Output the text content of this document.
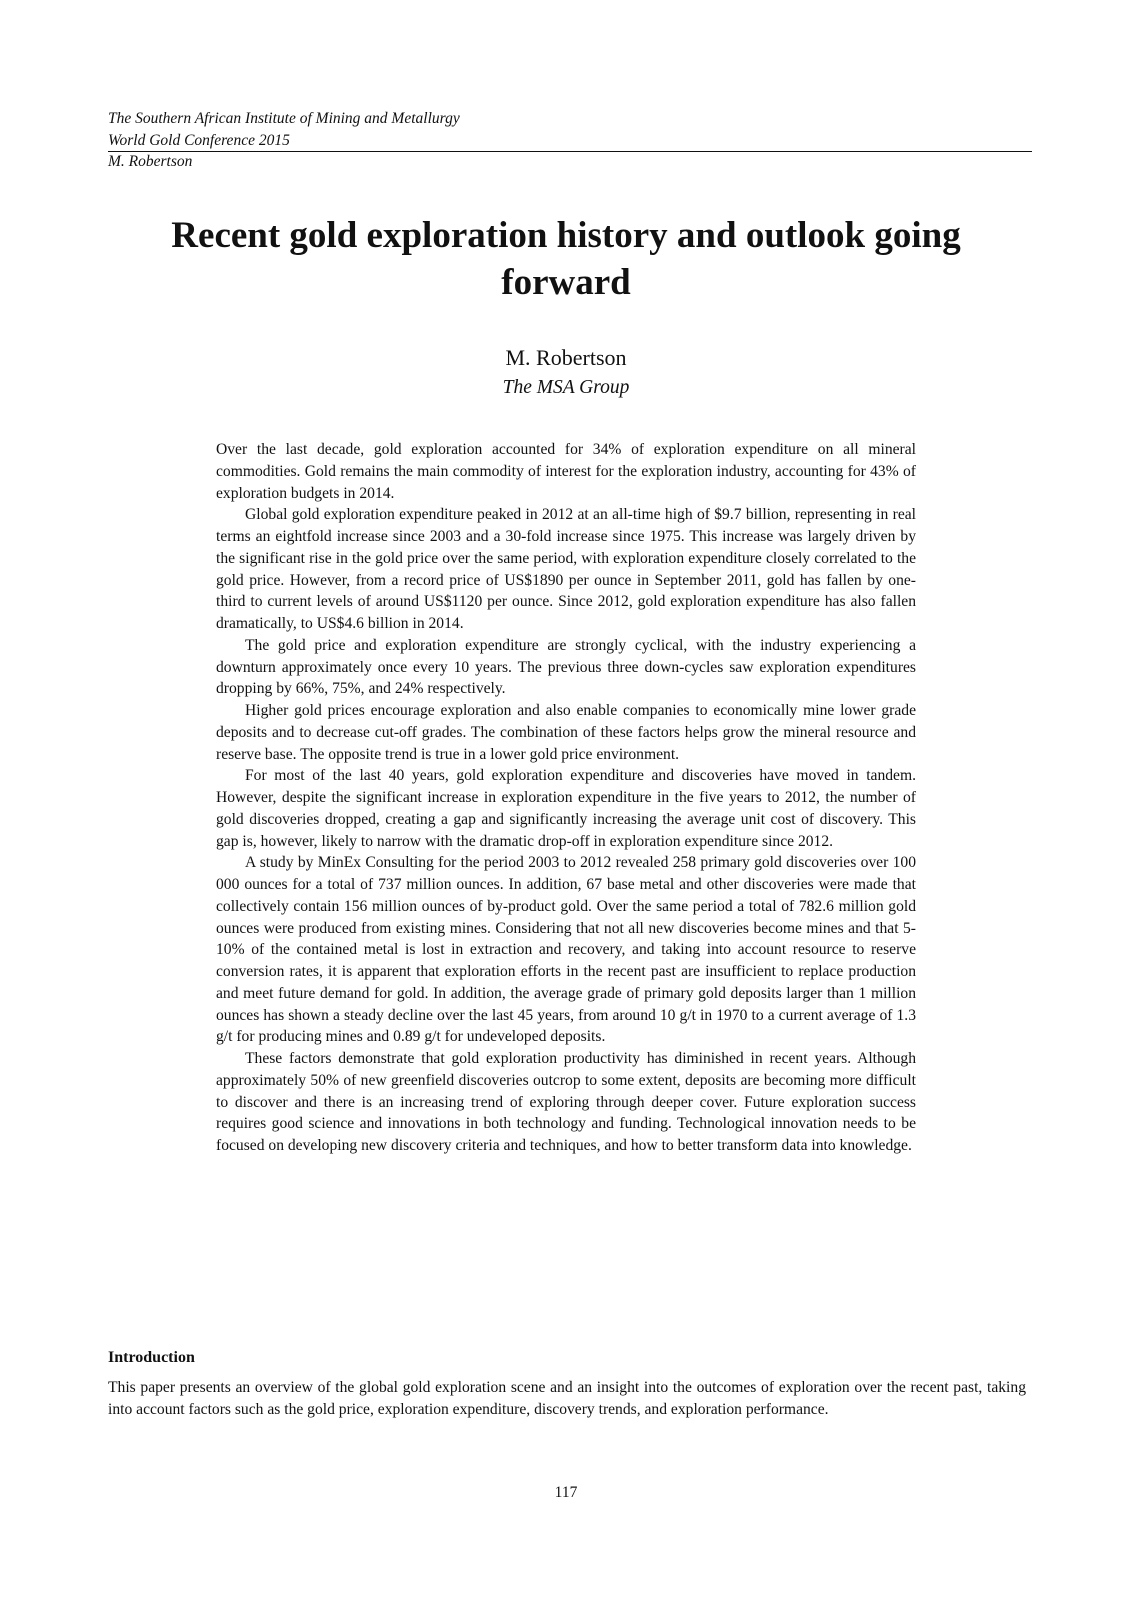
The Southern African Institute of Mining and Metallurgy
World Gold Conference 2015
M. Robertson
Recent gold exploration history and outlook going forward
M. Robertson
The MSA Group

Over the last decade, gold exploration accounted for 34% of exploration expenditure on all mineral commodities. Gold remains the main commodity of interest for the exploration industry, accounting for 43% of exploration budgets in 2014.

Global gold exploration expenditure peaked in 2012 at an all-time high of $9.7 billion, representing in real terms an eightfold increase since 2003 and a 30-fold increase since 1975. This increase was largely driven by the significant rise in the gold price over the same period, with exploration expenditure closely correlated to the gold price. However, from a record price of US$1890 per ounce in September 2011, gold has fallen by one-third to current levels of around US$1120 per ounce. Since 2012, gold exploration expenditure has also fallen dramatically, to US$4.6 billion in 2014.

The gold price and exploration expenditure are strongly cyclical, with the industry experiencing a downturn approximately once every 10 years. The previous three down-cycles saw exploration expenditures dropping by 66%, 75%, and 24% respectively.

Higher gold prices encourage exploration and also enable companies to economically mine lower grade deposits and to decrease cut-off grades. The combination of these factors helps grow the mineral resource and reserve base. The opposite trend is true in a lower gold price environment.

For most of the last 40 years, gold exploration expenditure and discoveries have moved in tandem. However, despite the significant increase in exploration expenditure in the five years to 2012, the number of gold discoveries dropped, creating a gap and significantly increasing the average unit cost of discovery. This gap is, however, likely to narrow with the dramatic drop-off in exploration expenditure since 2012.

A study by MinEx Consulting for the period 2003 to 2012 revealed 258 primary gold discoveries over 100 000 ounces for a total of 737 million ounces. In addition, 67 base metal and other discoveries were made that collectively contain 156 million ounces of by-product gold. Over the same period a total of 782.6 million gold ounces were produced from existing mines. Considering that not all new discoveries become mines and that 5-10% of the contained metal is lost in extraction and recovery, and taking into account resource to reserve conversion rates, it is apparent that exploration efforts in the recent past are insufficient to replace production and meet future demand for gold. In addition, the average grade of primary gold deposits larger than 1 million ounces has shown a steady decline over the last 45 years, from around 10 g/t in 1970 to a current average of 1.3 g/t for producing mines and 0.89 g/t for undeveloped deposits.

These factors demonstrate that gold exploration productivity has diminished in recent years. Although approximately 50% of new greenfield discoveries outcrop to some extent, deposits are becoming more difficult to discover and there is an increasing trend of exploring through deeper cover. Future exploration success requires good science and innovations in both technology and funding. Technological innovation needs to be focused on developing new discovery criteria and techniques, and how to better transform data into knowledge.

Introduction

This paper presents an overview of the global gold exploration scene and an insight into the outcomes of exploration over the recent past, taking into account factors such as the gold price, exploration expenditure, discovery trends, and exploration performance.

117
